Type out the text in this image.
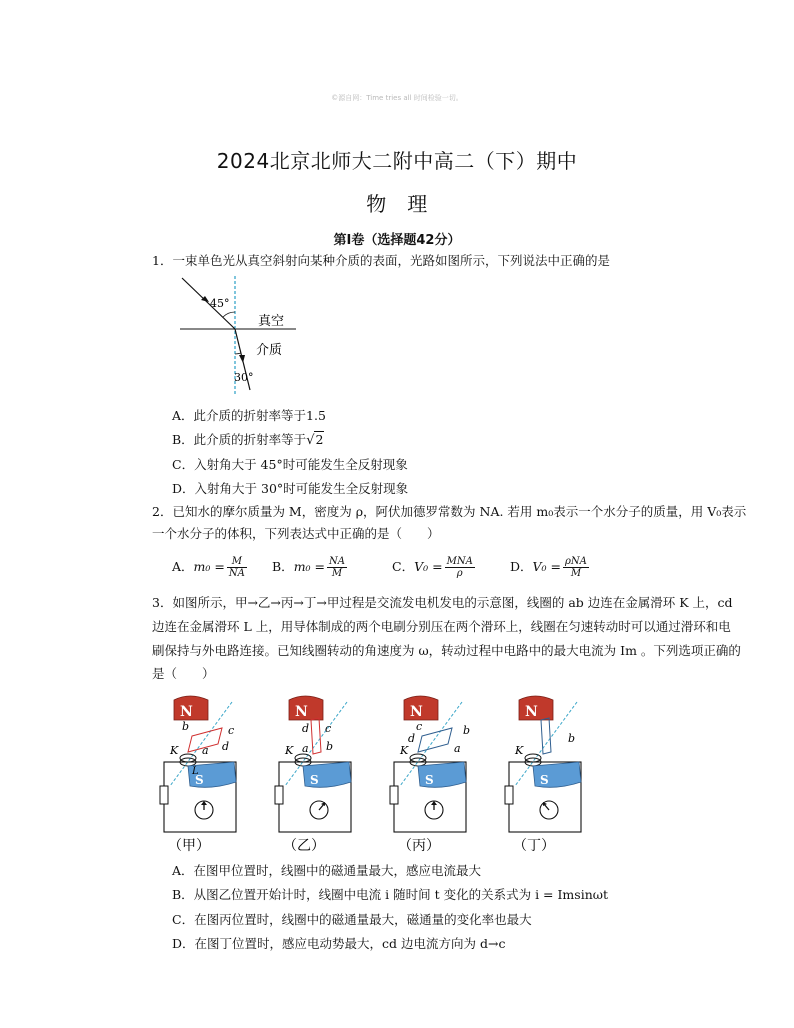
©源自网：Time tries all 时间检验一切。
2024北京北师大二附中高二（下）期中
物　理
第Ⅰ卷（选择题42分）
1．一束单色光从真空斜射向某种介质的表面，光路如图所示，下列说法中正确的是
45°
真空
介质
30°
A．此介质的折射率等于1.5
B．此介质的折射率等于√2
C．入射角大于 45°时可能发生全反射现象
D．入射角大于 30°时可能发生全反射现象
2．已知水的摩尔质量为 M，密度为 ρ，阿伏加德罗常数为 NA. 若用 m₀表示一个水分子的质量，用 V₀表示
一个水分子的体积，下列表达式中正确的是（　　）
A．$m_0 = \frac{M}{NA}$ B．$m_0 = \frac{NA}{M}$	C．$V_0 = \frac{\text{MNA}}{\rho}$	D．$V_0 = \frac{\text{ρNA}}{M}$
3．如图所示，甲→乙→丙→丁→甲过程是交流发电机发电的示意图，线圈的 ab 边连在金属滑环 K 上，cd
边连在金属滑环 L 上，用导体制成的两个电刷分别压在两个滑环上，线圈在匀速转动时可以通过滑环和电
刷保持与外电路连接。已知线圈转动的角速度为 ω，转动过程中电路中的最大电流为 Im 。下列选项正确的
是（　　）
N
b	c
a d
K
L
S
N
d c
b
a
K
S
N
c	b
d
a
K
S
N
b
K
S
（甲）	（乙）	（丙）	（丁）
A．在图甲位置时，线圈中的磁通量最大，感应电流最大
B．从图乙位置开始计时，线圈中电流 i 随时间 t 变化的关系式为 i = Imsinωt
C．在图丙位置时，线圈中的磁通量最大，磁通量的变化率也最大
D．在图丁位置时，感应电动势最大，cd 边电流方向为 d→c
